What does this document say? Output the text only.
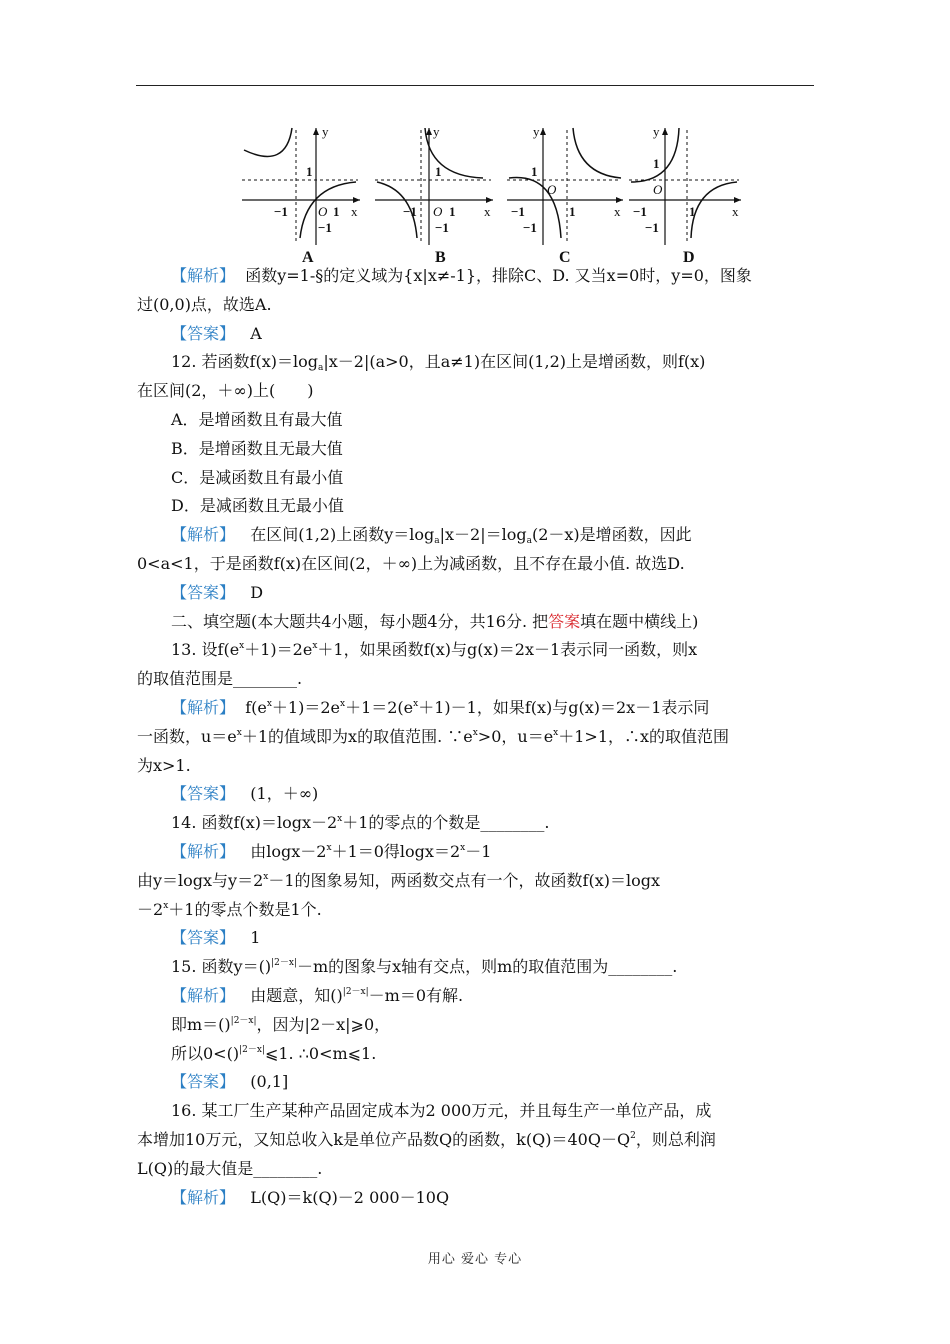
y
x
1
O 1
−1
−1
A
y
x
1
O 1
−1
−1
B
y
x
1
O
1
−1
−1
C
y
x
1
O
1
−1
−1
D
【解析】 函数y=1-§的定义域为{x|x≠-1}，排除C、D. 又当x=0时，y=0，图象
过(0,0)点，故选A.
【答案】 A
12. 若函数$f(x)=\log_a|x-2|(a>0$，且a≠1)在区间(1,2)上是增函数，则f(x)
在区间(2，＋∞)上(　　)
A．是增函数且有最大值
B．是增函数且无最大值
C．是减函数且有最小值
D．是减函数且无最小值
【解析】 在区间(1,2)上函数$y=\log_a|x-2|=\log_a(2-x)$是增函数，因此
0<a<1，于是函数f(x)在区间(2，＋∞)上为减函数，且不存在最小值. 故选D.
【答案】 D
二、填空题(本大题共4小题，每小题4分，共16分. 把答案填在题中横线上)
13. 设$f(e^x+1)=2e^x+1$，如果函数f(x)与g(x)＝2x－1表示同一函数，则x
的取值范围是________.
【解析】 $f(e^x+1)=2e^x+1=2(e^x+1)-1$，如果f(x)与g(x)＝2x－1表示同
一函数，$u=e^x+1$的值域即为x的取值范围. $\because e^x>0$，$u=e^x+1>1$，∴x的取值范围
为x>1.
【答案】 (1，＋∞)
14. 函数$f(x)=\log x-2^x+1$的零点的个数是________.
【解析】 由$\log x-2^x+1=0$得$\log x=2^x-1$
由y＝logx与$y=2^x-1$的图象易知，两函数交点有一个，故函数f(x)＝logx
$-2^x+1$的零点个数是1个.
【答案】 1
15. 函数y＝()$^{|2-x|}$－m的图象与x轴有交点，则m的取值范围为________.
【解析】 由题意，知()$^{|2-x|}$－m＝0有解.
即m＝()$^{|2-x|}$，因为|2－x|⩾0，
所以0<()$^{|2-x|}$⩽1. ∴0<m⩽1.
【答案】 (0,1]
16. 某工厂生产某种产品固定成本为2 000万元，并且每生产一单位产品，成
本增加10万元，又知总收入k是单位产品数Q的函数，$k(Q)=40Q-Q^2$，则总利润
L(Q)的最大值是________.
【解析】 L(Q)＝k(Q)－2 000－10Q
用心 爱心 专心
